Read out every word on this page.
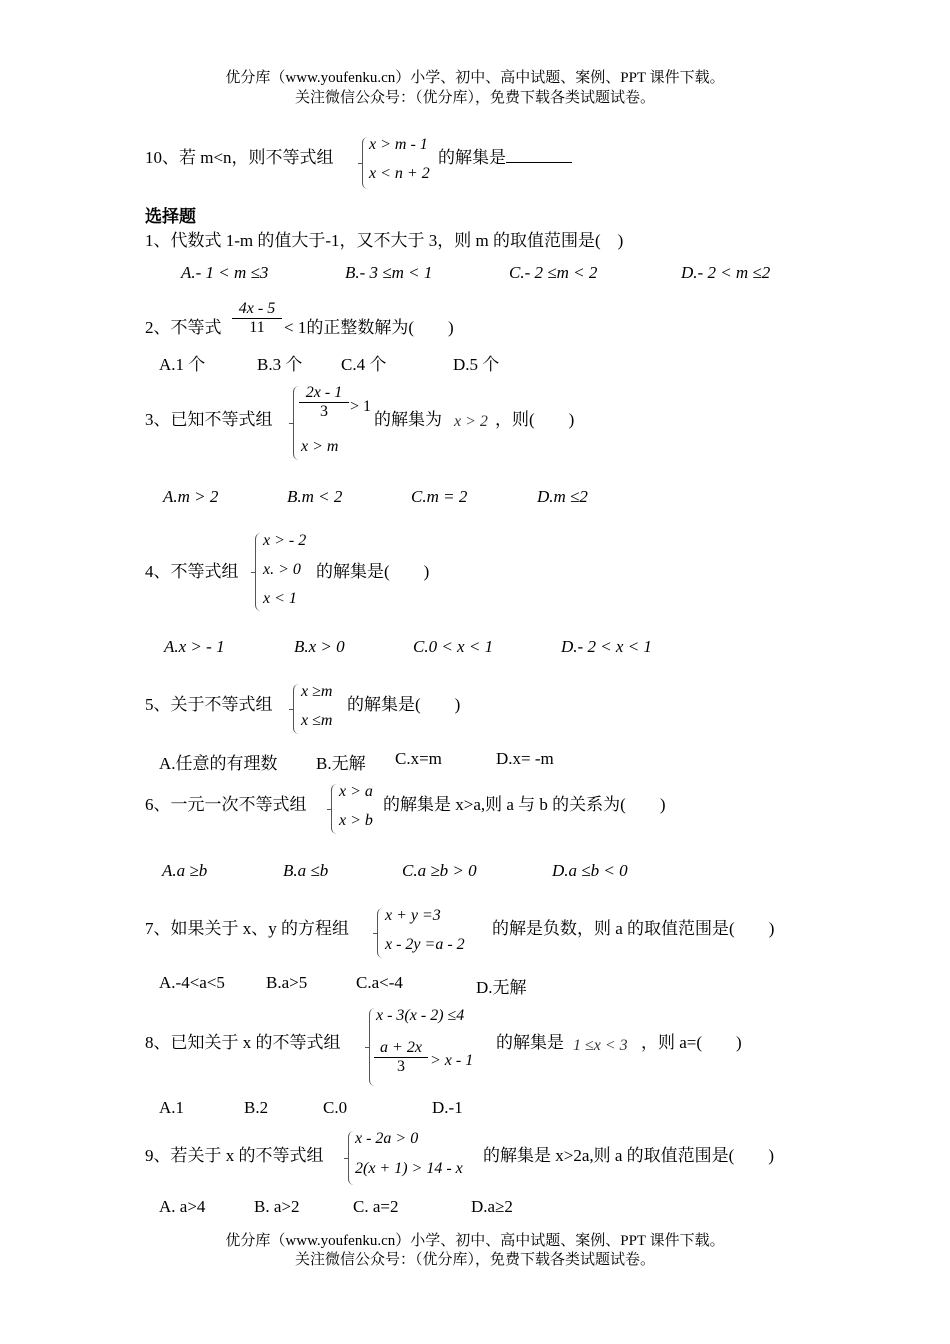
优分库（www.youfenku.cn）小学、初中、高中试题、案例、PPT 课件下载。
关注微信公众号：（优分库），免费下载各类试题试卷。
10、若 m<n，则不等式组
x > m - 1
x < n + 2
的解集是
选择题
1、代数式 1-m 的值大于-1，又不大于 3，则 m 的取值范围是(　)
A.- 1 < m ≤3	B.- 3 ≤m < 1	C.- 2 ≤m < 2	D.- 2 < m ≤2
2、不等式
4x - 5
11	< 1的正整数解为(　　)
A.1 个	B.3 个 C.4 个	D.5 个
3、已知不等式组
2x - 1
3	> 1
x > m
的解集为 x > 2 ，则(　　)
A.m > 2	B.m < 2	C.m = 2	D.m ≤2
4、不等式组
x > - 2
x. > 0
x < 1
的解集是(　　)
A.x > - 1	B.x > 0	C.0 < x < 1	D.- 2 < x < 1
5、关于不等式组
x ≥m
x ≤m
的解集是(　　)
A.任意的有理数 B.无解 C.x=m	D.x= -m
6、一元一次不等式组
x > a
x > b
的解集是 x>a,则 a 与 b 的关系为(　　)
A.a ≥b	B.a ≤b	C.a ≥b > 0	D.a ≤b < 0
7、如果关于 x、y 的方程组
x + y =3
x - 2y =a - 2
的解是负数，则 a 的取值范围是(　　)
A.-4<a<5 B.a>5	C.a<-4	D.无解
8、已知关于 x 的不等式组
x - 3(x - 2) ≤4
a + 2x
3	> x - 1
的解集是 1 ≤x < 3 ，则 a=(　　)
A.1	B.2	C.0	D.-1
9、若关于 x 的不等式组
x - 2a > 0
2(x + 1) > 14 - x
的解集是 x>2a,则 a 的取值范围是(　　)
A. a>4	B. a>2	C. a=2	D.a≥2
优分库（www.youfenku.cn）小学、初中、高中试题、案例、PPT 课件下载。
关注微信公众号：（优分库），免费下载各类试题试卷。
